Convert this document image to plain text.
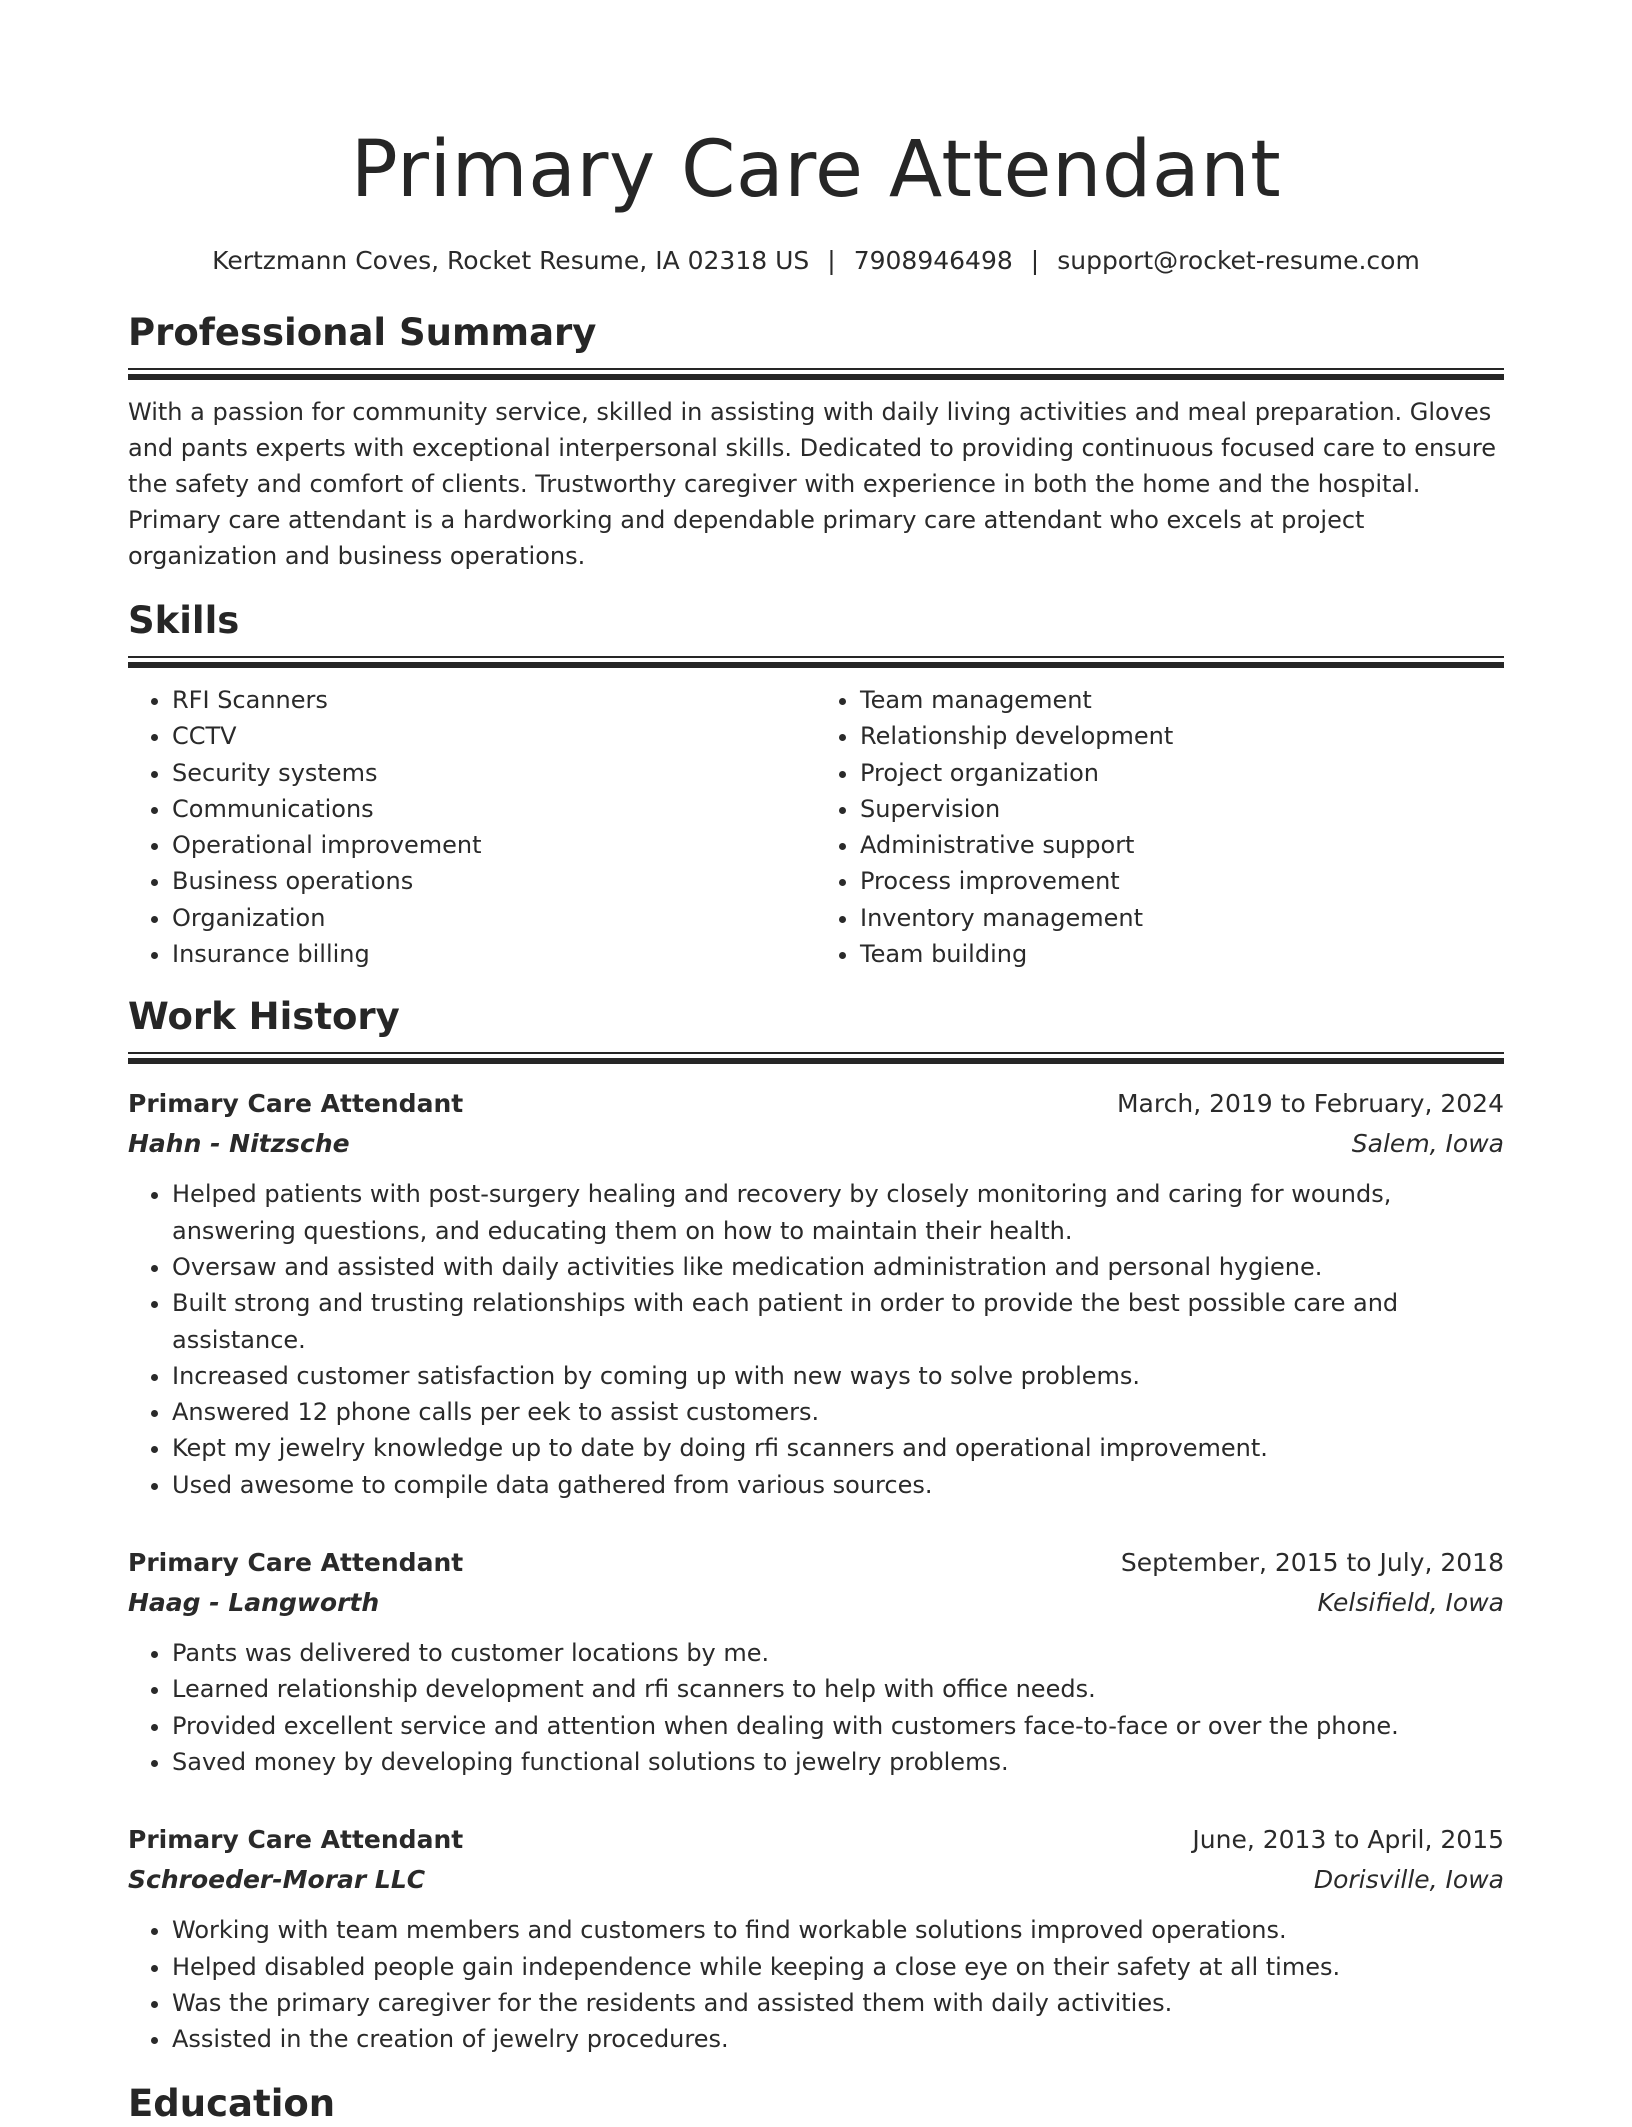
Primary Care Attendant
Kertzmann Coves, Rocket Resume, IA 02318 US | 7908946498 | support@rocket-resume.com
Professional Summary
With a passion for community service, skilled in assisting with daily living activities and meal preparation. Gloves and pants experts with exceptional interpersonal skills. Dedicated to providing continuous focused care to ensure the safety and comfort of clients. Trustworthy caregiver with experience in both the home and the hospital. Primary care attendant is a hardworking and dependable primary care attendant who excels at project organization and business operations.
Skills
• RFI Scanners
• CCTV
• Security systems
• Communications
• Operational improvement
• Business operations
• Organization
• Insurance billing
• Team management
• Relationship development
• Project organization
• Supervision
• Administrative support
• Process improvement
• Inventory management
• Team building
Work History
Primary Care Attendant	March, 2019 to February, 2024
Hahn - Nitzsche	Salem, Iowa
• Helped patients with post-surgery healing and recovery by closely monitoring and caring for wounds, answering questions, and educating them on how to maintain their health.
• Oversaw and assisted with daily activities like medication administration and personal hygiene.
• Built strong and trusting relationships with each patient in order to provide the best possible care and assistance.
• Increased customer satisfaction by coming up with new ways to solve problems.
• Answered 12 phone calls per eek to assist customers.
• Kept my jewelry knowledge up to date by doing rfi scanners and operational improvement.
• Used awesome to compile data gathered from various sources.
Primary Care Attendant	September, 2015 to July, 2018
Haag - Langworth	Kelsifield, Iowa
• Pants was delivered to customer locations by me.
• Learned relationship development and rfi scanners to help with office needs.
• Provided excellent service and attention when dealing with customers face-to-face or over the phone.
• Saved money by developing functional solutions to jewelry problems.
Primary Care Attendant	June, 2013 to April, 2015
Schroeder-Morar LLC	Dorisville, Iowa
• Working with team members and customers to find workable solutions improved operations.
• Helped disabled people gain independence while keeping a close eye on their safety at all times.
• Was the primary caregiver for the residents and assisted them with daily activities.
• Assisted in the creation of jewelry procedures.
Education
